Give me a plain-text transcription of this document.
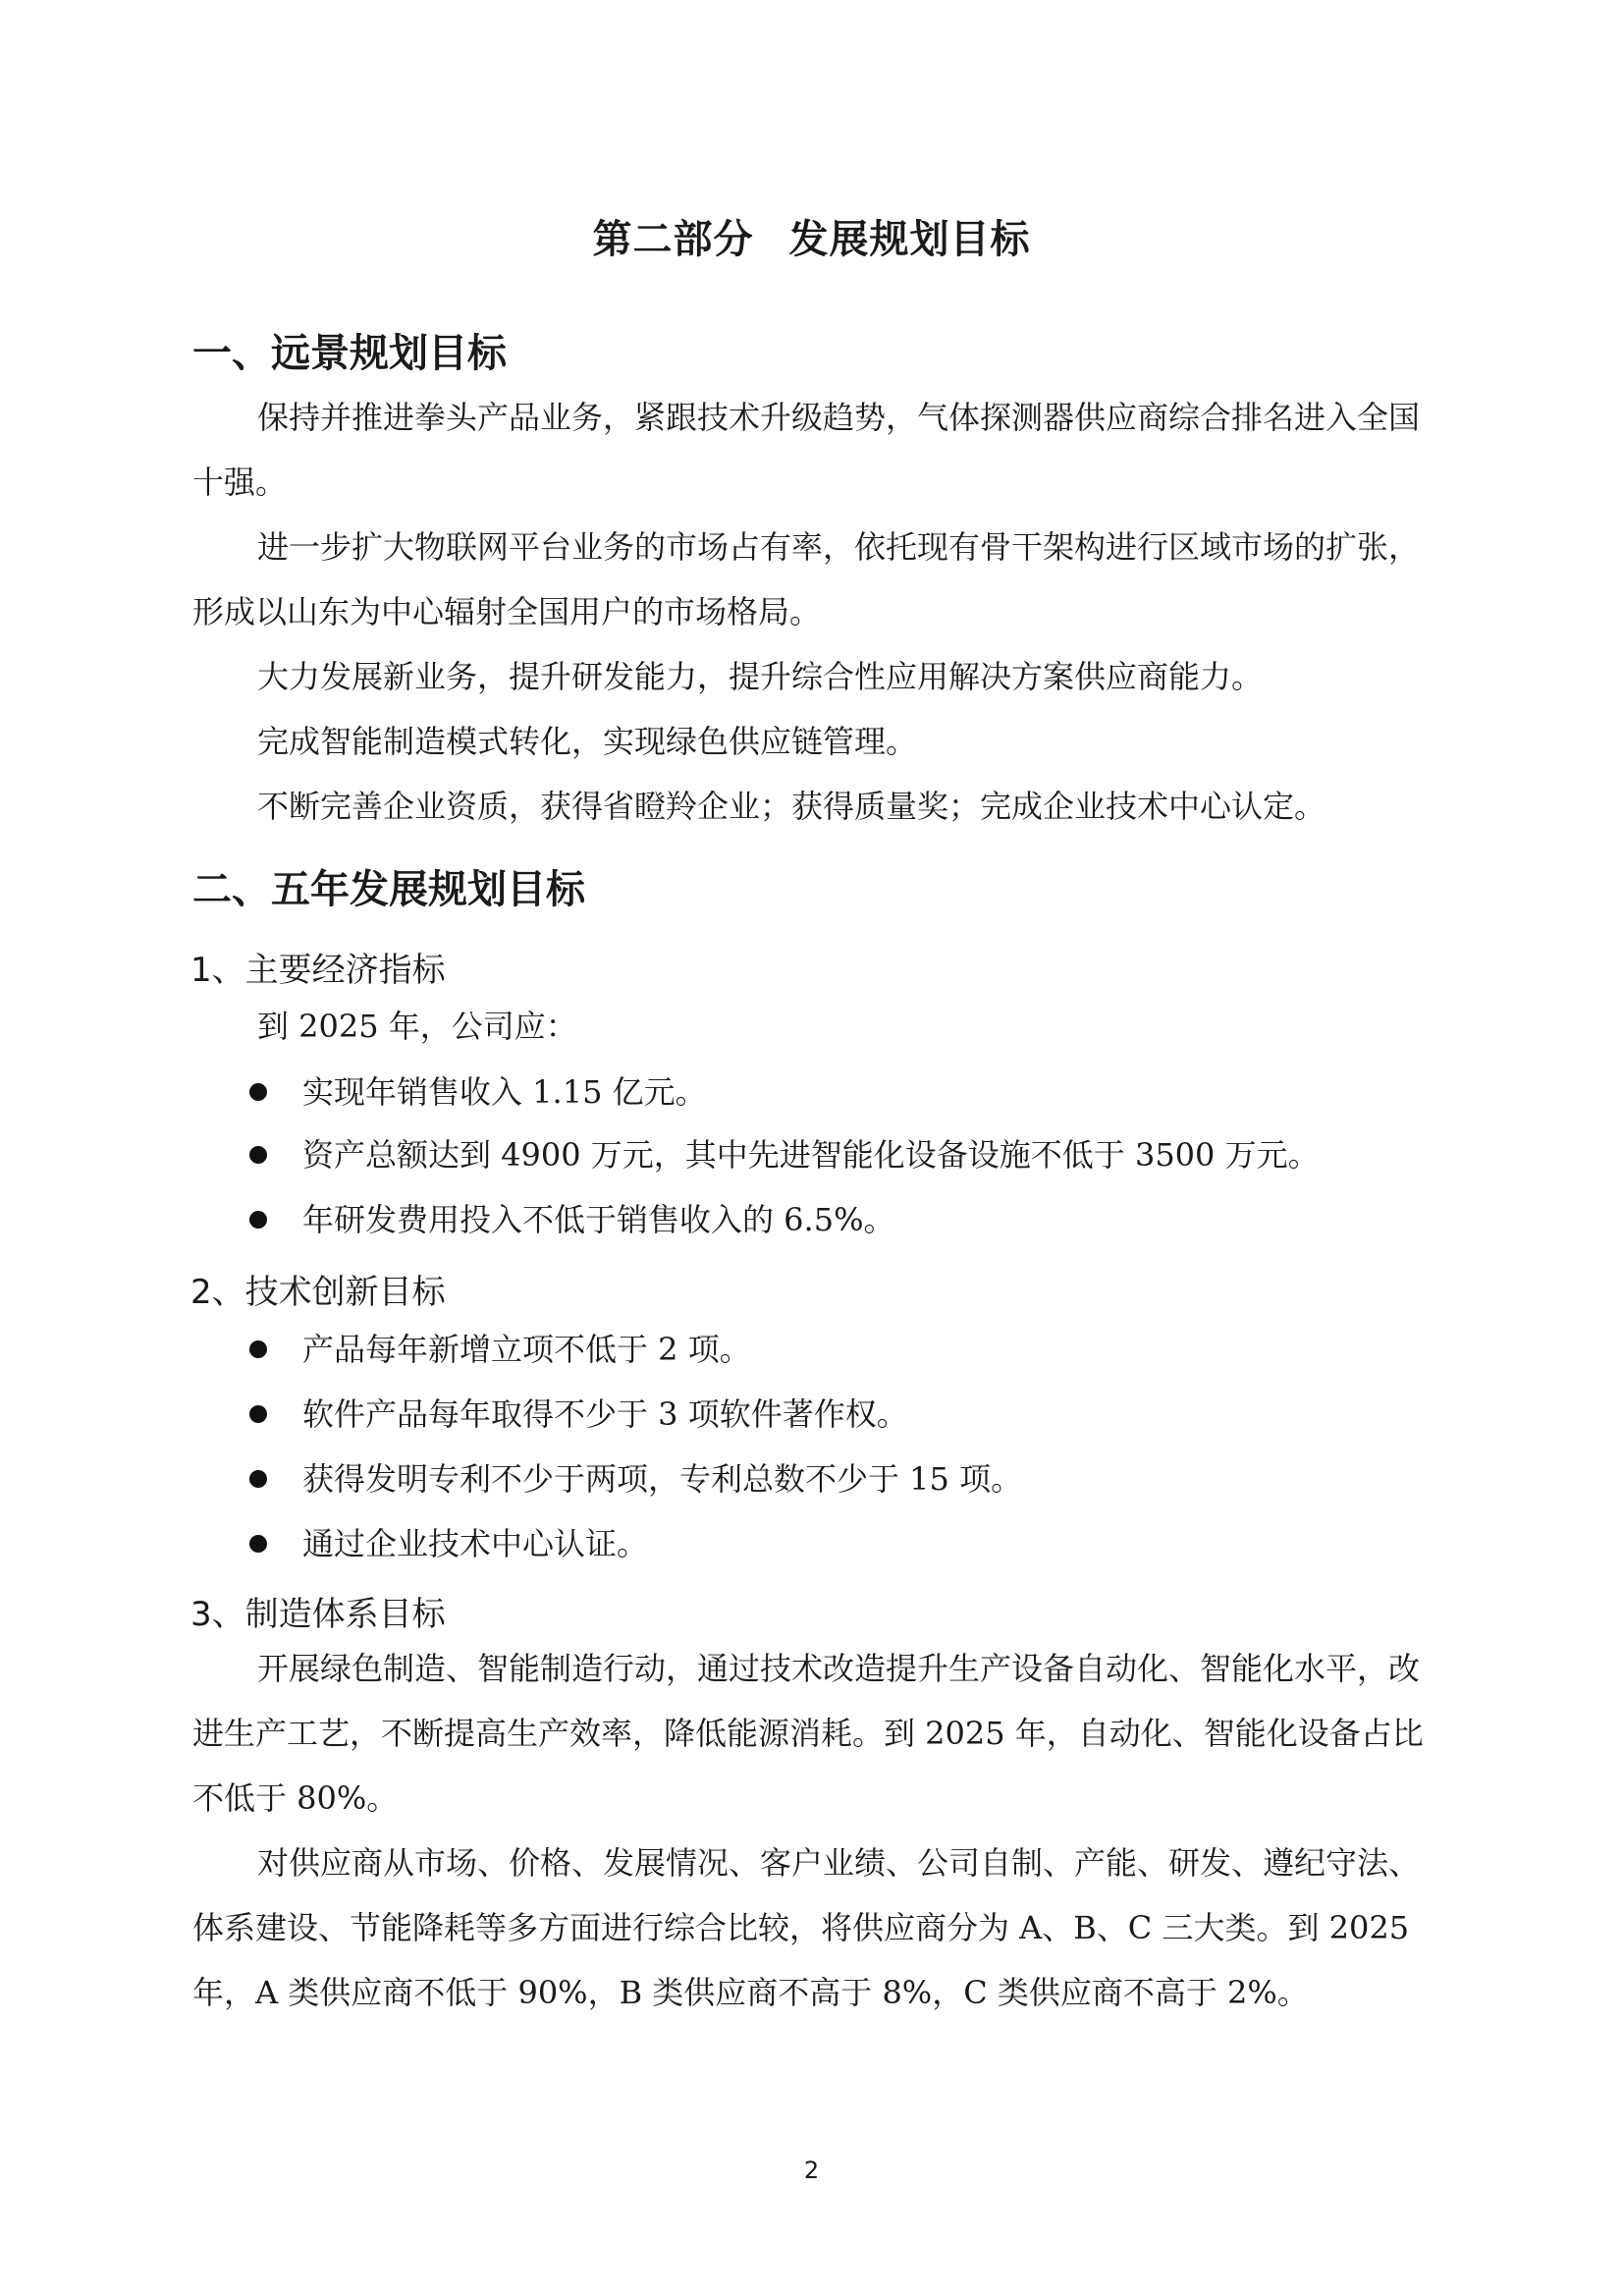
第二部分 发展规划目标
一、远景规划目标
保持并推进拳头产品业务，紧跟技术升级趋势，气体探测器供应商综合排名进入全国十强。
进一步扩大物联网平台业务的市场占有率，依托现有骨干架构进行区域市场的扩张，形成以山东为中心辐射全国用户的市场格局。
大力发展新业务，提升研发能力，提升综合性应用解决方案供应商能力。
完成智能制造模式转化，实现绿色供应链管理。
不断完善企业资质，获得省瞪羚企业；获得质量奖；完成企业技术中心认定。
二、五年发展规划目标
1、主要经济指标
到 2025 年，公司应：
实现年销售收入 1.15 亿元。
资产总额达到 4900 万元，其中先进智能化设备设施不低于 3500 万元。
年研发费用投入不低于销售收入的 6.5%。
2、技术创新目标
产品每年新增立项不低于 2 项。
软件产品每年取得不少于 3 项软件著作权。
获得发明专利不少于两项，专利总数不少于 15 项。
通过企业技术中心认证。
3、制造体系目标
开展绿色制造、智能制造行动，通过技术改造提升生产设备自动化、智能化水平，改进生产工艺，不断提高生产效率，降低能源消耗。到 2025 年，自动化、智能化设备占比不低于 80%。
对供应商从市场、价格、发展情况、客户业绩、公司自制、产能、研发、遵纪守法、体系建设、节能降耗等多方面进行综合比较，将供应商分为 A、B、C 三大类。到 2025 年，A 类供应商不低于 90%，B 类供应商不高于 8%，C 类供应商不高于 2%。
2
